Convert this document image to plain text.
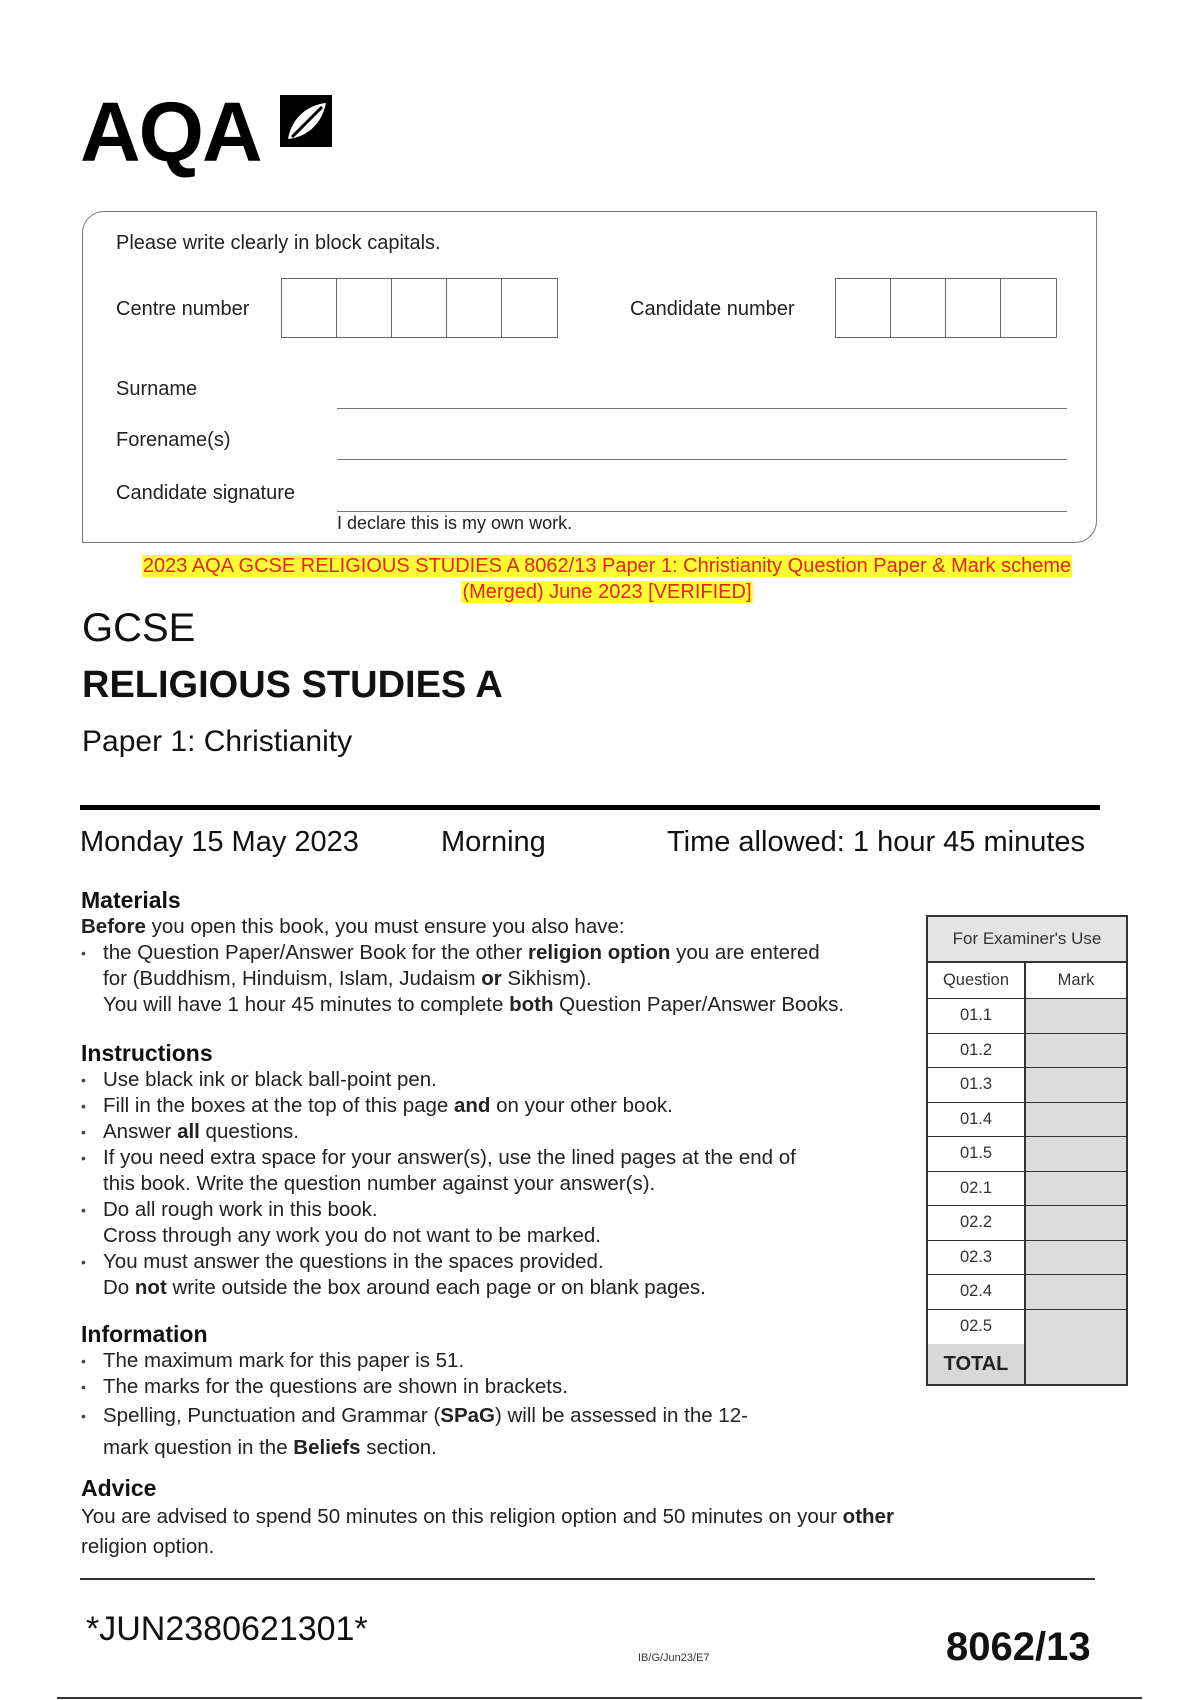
AQA
Please write clearly in block capitals.
Centre number	Candidate number
Surname
Forename(s)
Candidate signature
I declare this is my own work.
2023 AQA GCSE RELIGIOUS STUDIES A 8062/13 Paper 1: Christianity Question Paper & Mark scheme
(Merged) June 2023 [VERIFIED]
GCSE
RELIGIOUS STUDIES A
Paper 1: Christianity
Monday 15 May 2023	Morning	Time allowed: 1 hour 45 minutes
Materials
Before you open this book, you must ensure you also have:
• the Question Paper/Answer Book for the other religion option you are entered
for (Buddhism, Hinduism, Islam, Judaism or Sikhism).
You will have 1 hour 45 minutes to complete both Question Paper/Answer Books.
Instructions
• Use black ink or black ball-point pen.
• Fill in the boxes at the top of this page and on your other book.
• Answer all questions.
• If you need extra space for your answer(s), use the lined pages at the end of
this book. Write the question number against your answer(s).
• Do all rough work in this book.
Cross through any work you do not want to be marked.
• You must answer the questions in the spaces provided.
Do not write outside the box around each page or on blank pages.
Information
• The maximum mark for this paper is 51.
• The marks for the questions are shown in brackets.
• Spelling, Punctuation and Grammar (SPaG) will be assessed in the 12-
mark question in the Beliefs section.
Advice
You are advised to spend 50 minutes on this religion option and 50 minutes on your other
religion option.
For Examiner's Use
Question	Mark
01.1
01.2
01.3
01.4
01.5
02.1
02.2
02.3
02.4
02.5
TOTAL
*JUN2380621301*
IB/G/Jun23/E7	8062/13
